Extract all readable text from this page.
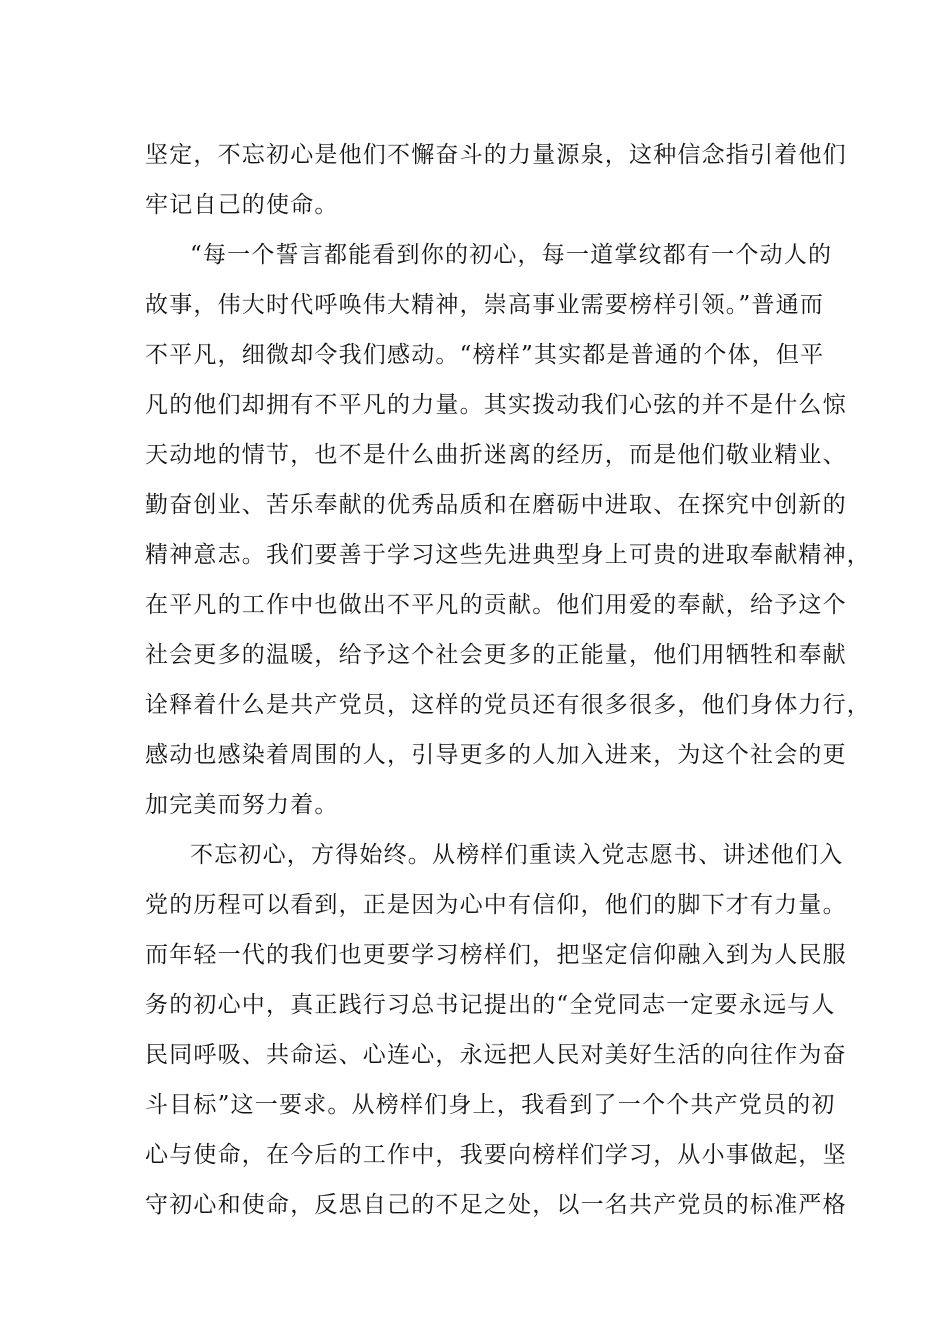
坚定，不忘初心是他们不懈奋斗的力量源泉，这种信念指引着他们
牢记自己的使命。
“每一个誓言都能看到你的初心，每一道掌纹都有一个动人的
故事，伟大时代呼唤伟大精神，崇高事业需要榜样引领。”普通而
不平凡，细微却令我们感动。“榜样”其实都是普通的个体，但平
凡的他们却拥有不平凡的力量。其实拨动我们心弦的并不是什么惊
天动地的情节，也不是什么曲折迷离的经历，而是他们敬业精业、
勤奋创业、苦乐奉献的优秀品质和在磨砺中进取、在探究中创新的
精神意志。我们要善于学习这些先进典型身上可贵的进取奉献精神，
在平凡的工作中也做出不平凡的贡献。他们用爱的奉献，给予这个
社会更多的温暖，给予这个社会更多的正能量，他们用牺牲和奉献
诠释着什么是共产党员，这样的党员还有很多很多，他们身体力行，
感动也感染着周围的人，引导更多的人加入进来，为这个社会的更
加完美而努力着。
不忘初心，方得始终。从榜样们重读入党志愿书、讲述他们入
党的历程可以看到，正是因为心中有信仰，他们的脚下才有力量。
而年轻一代的我们也更要学习榜样们，把坚定信仰融入到为人民服
务的初心中，真正践行习总书记提出的“全党同志一定要永远与人
民同呼吸、共命运、心连心，永远把人民对美好生活的向往作为奋
斗目标”这一要求。从榜样们身上，我看到了一个个共产党员的初
心与使命，在今后的工作中，我要向榜样们学习，从小事做起，坚
守初心和使命，反思自己的不足之处，以一名共产党员的标准严格
